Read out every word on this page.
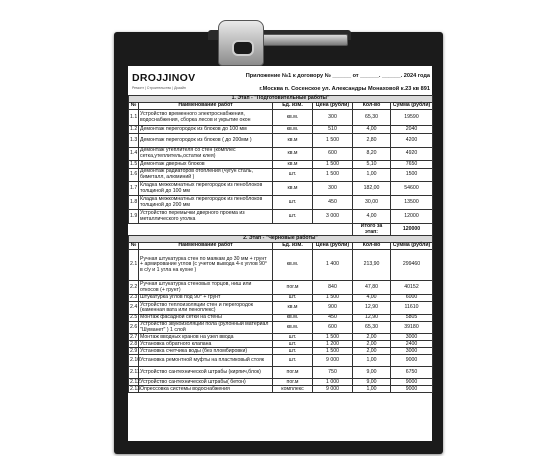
DROJJINOV
Ремонт | Строительство | Дизайн
Приложение №1 к договору № ______ от ______. ______. 2024 года
г.Москва п. Сосенское ул. Александры Монаховой к.23 кв 891
1. Этап - "Подготовительные работы"					
№	Наименование работ	Ед. изм.	Цена (рубли)	Кол-во	Сумма (рубли)
1.1	Устройство временного электроснабжения, водоснабжения, сборка лесов и укрытие окон	кв.м.	300	65,30	19590
1.2	Демонтаж перегородок из блоков до 100 мм	кв.м.	510	4,00	2040
1.3	Демонтаж перегородок из блоков ( до 200мм )	кв.м	1 500	2,80	4200
1.4	Демонтаж утеплителя со стен (комплес сетка,утеплитель,остатки клея)	кв.м	600	8,20	4920
1.5	Демонтаж дверных блоков	кв.м	1 500	5,10	7650
1.6	Демонтаж радиаторов отопления (чугун сталь, биметалл, алюминий )	шт.	1 500	1,00	1500
1.7	Кладка межкомнатных перегородок из пеноблоков толщиной до 100 мм	кв.м	300	182,00	54600
1.8	Кладка межкомнатных перегородок из пеноблоков толщиной до 200 мм	шт.	450	30,00	13500
1.9	Устройство перемычки дверного проема из металлического уголка	шт.	3 000	4,00	12000
				Итого за этап:	120000
2. Этап - "Черновые работы"					
№	Наименование работ	Ед. изм.	Цена (рубли)	Кол-во	Сумма (рубли)
2.1	Ручная штукатурка стен по маякам до 30 мм + грунт + армирование углов (с учетом вывода 4-х углов 90° в с/у и 1 угла на кухне )	кв.м.	1 400	213,90	299460
2.2	Ручная штукатурка стеновых торцов, ниш или откосов (+ грунт)	пог.м	840	47,80	40152
2.3	Штукатурка углов под 90° + грунт	шт.	1 500	4,00	6000
2.4	Устройство теплоизоляции стен и перегородок (каменная вата или пеноплекс)	кв.м	900	12,90	11610
2.5	Монтаж фасадной сетки на стены	кв.м.	450	12,90	5805
2.6	Устройство звукоизоляции пола (рулонный материал "Шуманет" ) 1 слой	кв.м.	600	65,30	39180
2.7	Монтаж вводных кранов на узел ввода	шт.	1 500	2,00	3000
2.8	Установка обратного клапана	шт.	1 200	2,00	2400
2.9	Установка счетчика воды (без пломбировки)	шт.	1 500	2,00	3000
2.10	Установка ремонтной муфты на пластиковый стояк	шт.	9 000	1,00	9000
2.11	Устройство сантехнической штрабы (кирпич,блок)	пог.м	750	9,00	6750
2.12	Устройство сантехнической штрабы( бетон)	пог.м	1 000	9,00	9000
2.13	Опрессовка системы водоснабжения	комплекс	9 000	1,00	9000
